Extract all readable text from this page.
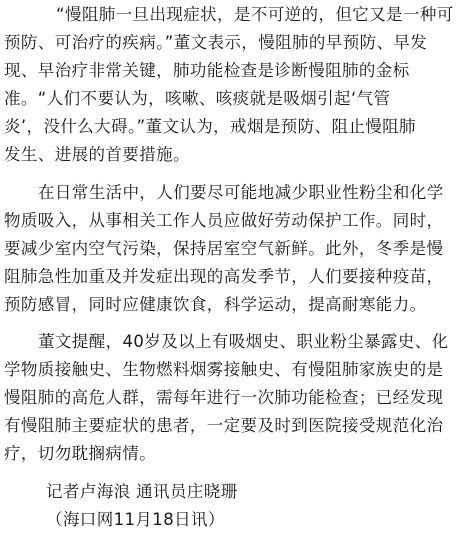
“慢阻肺一旦出现症状，是不可逆的，但它又是一种可
预防、可治疗的疾病。”董文表示，慢阻肺的早预防、早发
现、早治疗非常关键，肺功能检查是诊断慢阻肺的金标
准。“人们不要认为，咳嗽、咳痰就是吸烟引起‘气管
炎’，没什么大碍。”董文认为，戒烟是预防、阻止慢阻肺
发生、进展的首要措施。
在日常生活中，人们要尽可能地减少职业性粉尘和化学
物质吸入，从事相关工作人员应做好劳动保护工作。同时，
要减少室内空气污染，保持居室空气新鲜。此外，冬季是慢
阻肺急性加重及并发症出现的高发季节，人们要接种疫苗，
预防感冒，同时应健康饮食，科学运动，提高耐寒能力。
董文提醒，40岁及以上有吸烟史、职业粉尘暴露史、化
学物质接触史、生物燃料烟雾接触史、有慢阻肺家族史的是
慢阻肺的高危人群，需每年进行一次肺功能检查；已经发现
有慢阻肺主要症状的患者，一定要及时到医院接受规范化治
疗，切勿耽搁病情。
记者卢海浪 通讯员庄晓珊
（海口网11月18日讯）
